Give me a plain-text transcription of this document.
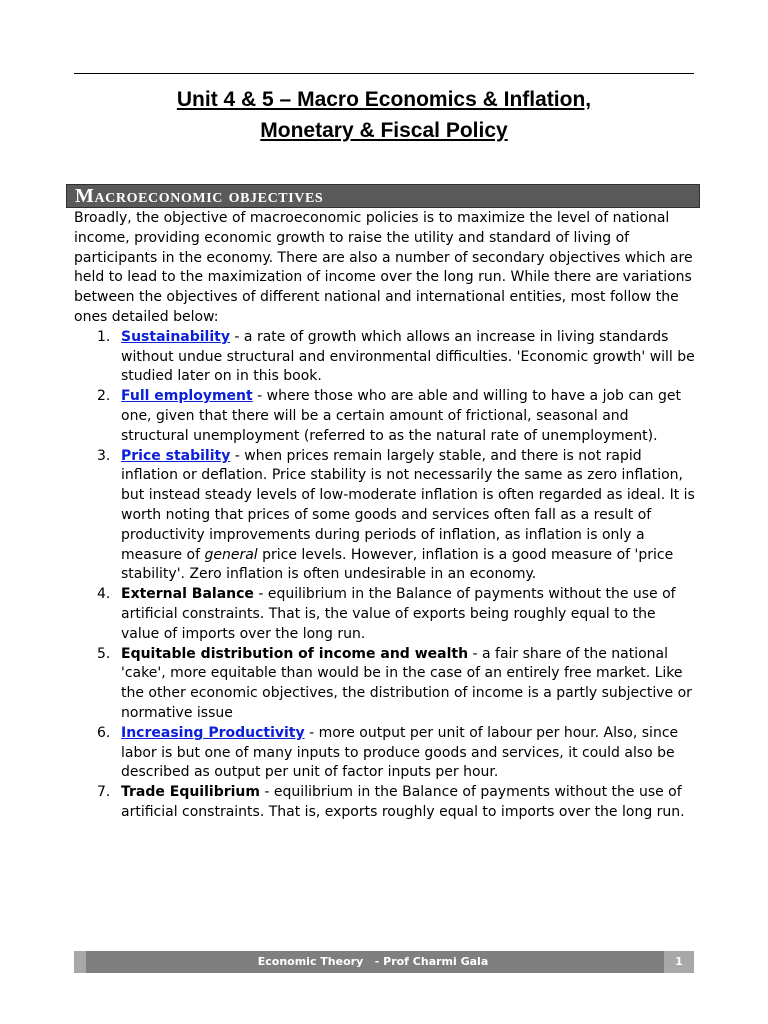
Unit 4 & 5 – Macro Economics & Inflation,
Monetary & Fiscal Policy
Macroeconomic objectives

Broadly, the objective of macroeconomic policies is to maximize the level of national income, providing economic growth to raise the utility and standard of living of participants in the economy. There are also a number of secondary objectives which are held to lead to the maximization of income over the long run. While there are variations between the objectives of different national and international entities, most follow the ones detailed below:

1. Sustainability - a rate of growth which allows an increase in living standards without undue structural and environmental difficulties. 'Economic growth' will be studied later on in this book.
2. Full employment - where those who are able and willing to have a job can get one, given that there will be a certain amount of frictional, seasonal and structural unemployment (referred to as the natural rate of unemployment).
3. Price stability - when prices remain largely stable, and there is not rapid inflation or deflation. Price stability is not necessarily the same as zero inflation, but instead steady levels of low-moderate inflation is often regarded as ideal. It is worth noting that prices of some goods and services often fall as a result of productivity improvements during periods of inflation, as inflation is only a measure of general price levels. However, inflation is a good measure of 'price stability'. Zero inflation is often undesirable in an economy.
4. External Balance - equilibrium in the Balance of payments without the use of artificial constraints. That is, the value of exports being roughly equal to the value of imports over the long run.
5. Equitable distribution of income and wealth - a fair share of the national 'cake', more equitable than would be in the case of an entirely free market. Like the other economic objectives, the distribution of income is a partly subjective or normative issue
6. Increasing Productivity - more output per unit of labour per hour. Also, since labor is but one of many inputs to produce goods and services, it could also be described as output per unit of factor inputs per hour.
7. Trade Equilibrium - equilibrium in the Balance of payments without the use of artificial constraints. That is, exports roughly equal to imports over the long run.
Economic Theory   - Prof Charmi Gala	1
